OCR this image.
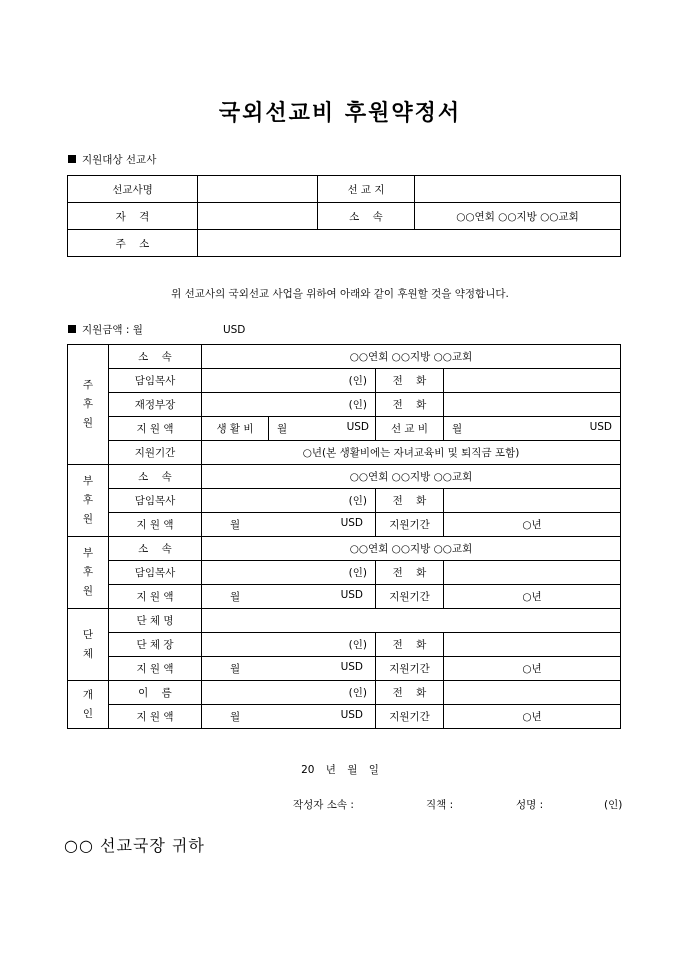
국외선교비 후원약정서
지원대상 선교사
선교사명		선 교 지	
자    격		소    속	○○연회 ○○지방 ○○교회
주    소			
위 선교사의 국외선교 사업을 위하여 아래와 같이 후원할 것을 약정합니다.
지원금액 : 월	USD
주
후
원	소    속	○○연회 ○○지방 ○○교회			
	담임목사	(인)		전    화	
	재정부장	(인)		전    화	
	지 원 액	생 활 비	월 USD	선 교 비	월 USD

	지원기간	○년(본 생활비에는 자녀교육비 및 퇴직금 포함)			

부
후
원	소    속	○○연회 ○○지방 ○○교회			
	담임목사	(인)		전    화	
	지 원 액	월 USD		지원기간	○년

부
후
원	소    속	○○연회 ○○지방 ○○교회			
	담임목사	(인)		전    화	
	지 원 액	월 USD		지원기간	○년

단
체	단 체 명				
	단 체 장	(인)		전    화	
	지 원 액	월 USD		지원기간	○년

개
인	이    름	(인)		전    화	
	지 원 액	월 USD		지원기간	○년
20 년 월 일
작성자 소속 :	직책 :	성명 :	(인)
○○ 선교국장 귀하
